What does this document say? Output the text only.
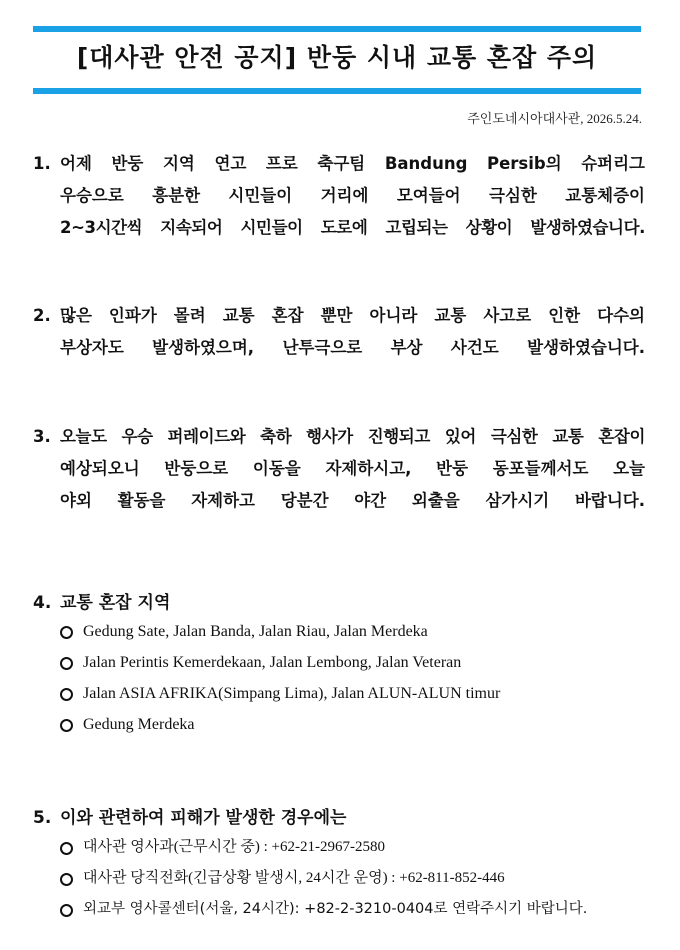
[대사관 안전 공지] 반둥 시내 교통 혼잡 주의
주인도네시아대사관, 2026.5.24.
1. 어제 반둥 지역 연고 프로 축구팀 Bandung Persib의 슈퍼리그
우승으로 흥분한 시민들이 거리에 모여들어 극심한 교통체증이
2~3시간씩 지속되어 시민들이 도로에 고립되는 상황이 발생하였습니다.
2. 많은 인파가 몰려 교통 혼잡 뿐만 아니라 교통 사고로 인한 다수의
부상자도 발생하였으며, 난투극으로 부상 사건도 발생하였습니다.
3. 오늘도 우승 퍼레이드와 축하 행사가 진행되고 있어 극심한 교통 혼잡이
예상되오니 반둥으로 이동을 자제하시고, 반둥 동포들께서도 오늘
야외 활동을 자제하고 당분간 야간 외출을 삼가시기 바랍니다.
4. 교통 혼잡 지역
Gedung Sate, Jalan Banda, Jalan Riau, Jalan Merdeka
Jalan Perintis Kemerdekaan, Jalan Lembong, Jalan Veteran
Jalan ASIA AFRIKA(Simpang Lima), Jalan ALUN-ALUN timur
Gedung Merdeka
5. 이와 관련하여 피해가 발생한 경우에는
대사관 영사과(근무시간 중) : +62-21-2967-2580
대사관 당직전화(긴급상황 발생시, 24시간 운영) : +62-811-852-446
외교부 영사콜센터(서울, 24시간): +82-2-3210-0404로 연락주시기 바랍니다.
